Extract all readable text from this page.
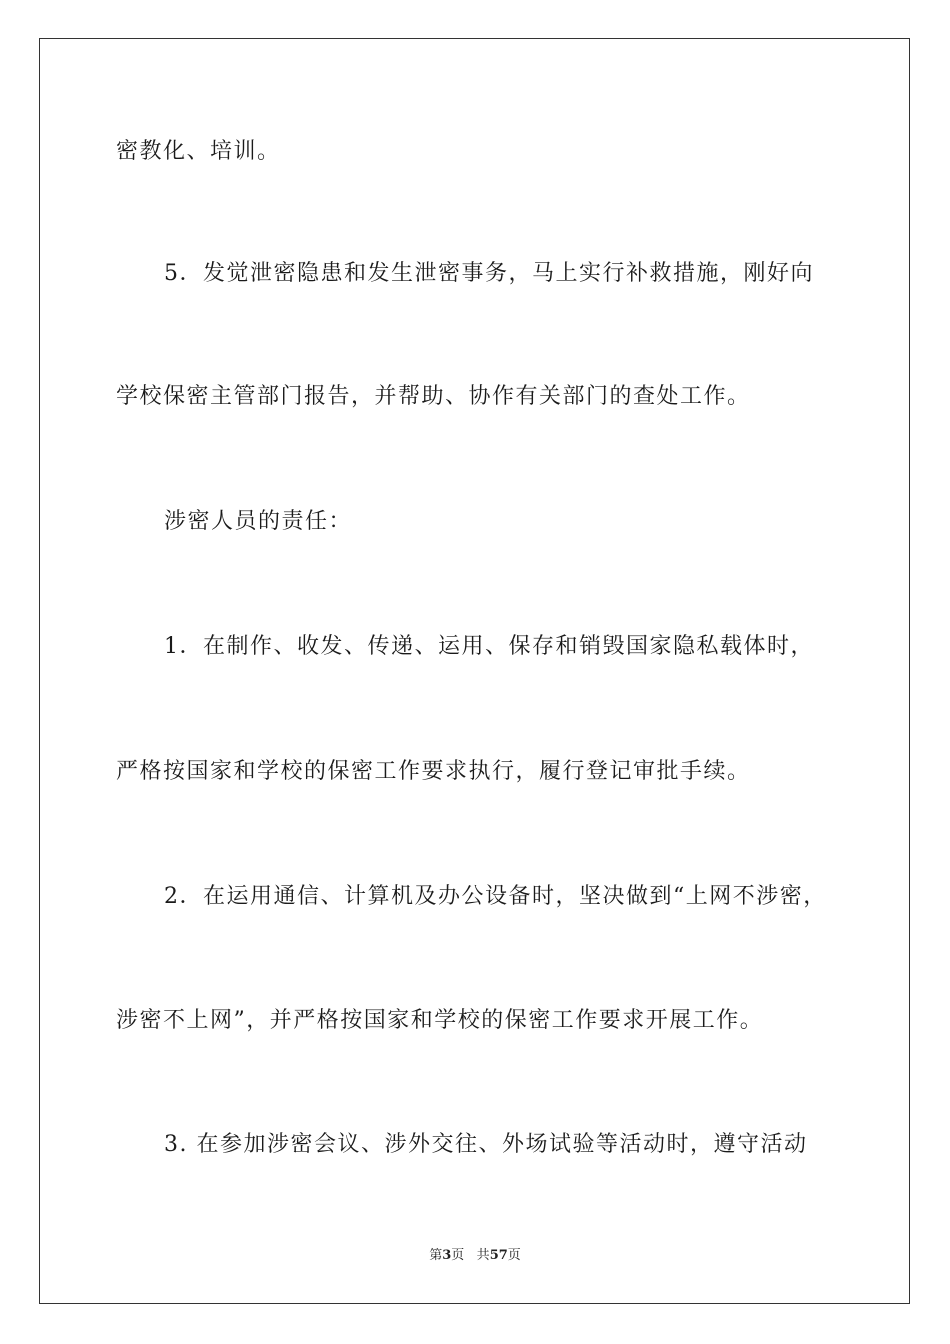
密教化、培训。
5．发觉泄密隐患和发生泄密事务，马上实行补救措施，刚好向
学校保密主管部门报告，并帮助、协作有关部门的查处工作。
涉密人员的责任：
1．在制作、收发、传递、运用、保存和销毁国家隐私载体时，
严格按国家和学校的保密工作要求执行，履行登记审批手续。
2．在运用通信、计算机及办公设备时，坚决做到“上网不涉密，
涉密不上网”，并严格按国家和学校的保密工作要求开展工作。
3. 在参加涉密会议、涉外交往、外场试验等活动时，遵守活动
第3页 共57页
